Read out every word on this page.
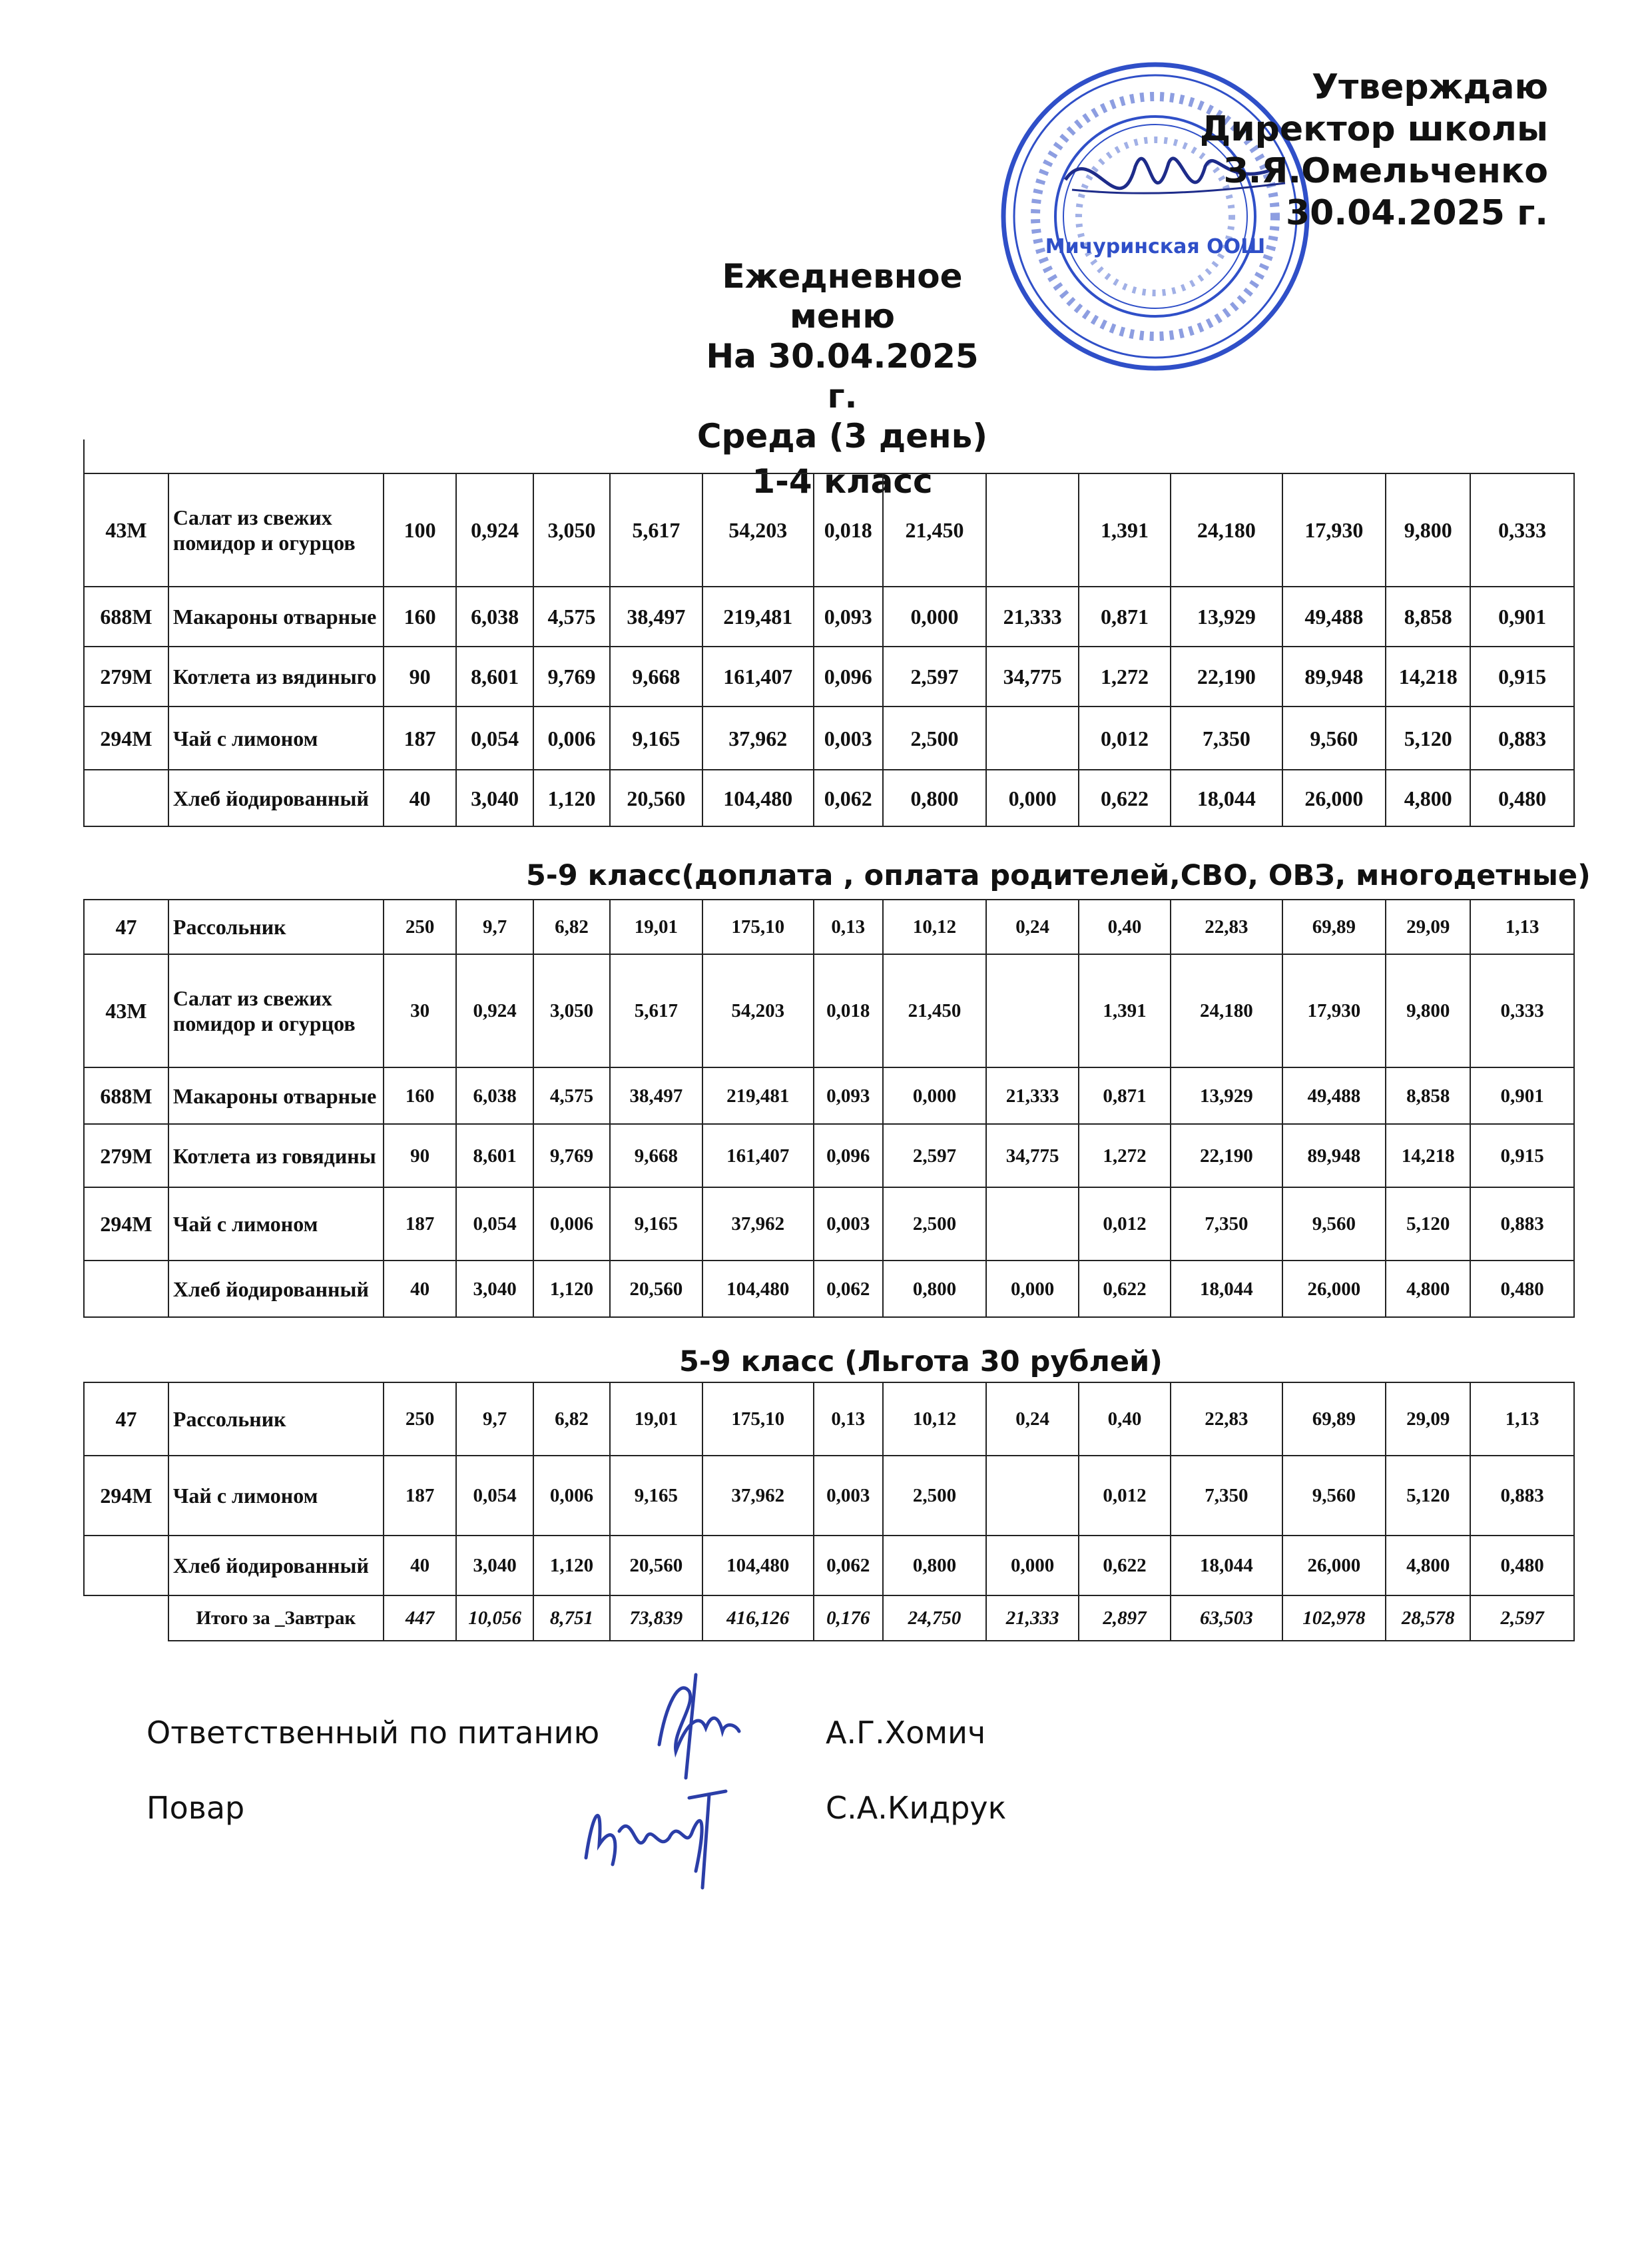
Мичуринская ООШ
Утверждаю
Директор школы
З.Я.Омельченко
30.04.2025 г.
Ежедневное меню
На 30.04.2025 г.
Среда (3 день)
1-4 класс
43М	Салат из свежих помидор и огурцов	100	0,924	3,050	5,617	54,203	0,018	21,450		1,391	24,180	17,930	9,800	0,333
688М	Макароны отварные	160	6,038	4,575	38,497	219,481	0,093	0,000	21,333	0,871	13,929	49,488	8,858	0,901
279М	Котлета из вядиныго	90	8,601	9,769	9,668	161,407	0,096	2,597	34,775	1,272	22,190	89,948	14,218	0,915
294М	Чай с лимоном	187	0,054	0,006	9,165	37,962	0,003	2,500		0,012	7,350	9,560	5,120	0,883
	Хлеб йодированный	40	3,040	1,120	20,560	104,480	0,062	0,800	0,000	0,622	18,044	26,000	4,800	0,480
5-9 класс(доплата , оплата родителей,СВО, ОВЗ, многодетные)
47	Рассольник	250	9,7	6,82	19,01	175,10	0,13	10,12	0,24	0,40	22,83	69,89	29,09	1,13
43М	Салат из свежих помидор и огурцов	30	0,924	3,050	5,617	54,203	0,018	21,450		1,391	24,180	17,930	9,800	0,333
688М	Макароны отварные	160	6,038	4,575	38,497	219,481	0,093	0,000	21,333	0,871	13,929	49,488	8,858	0,901
279М	Котлета из говядины	90	8,601	9,769	9,668	161,407	0,096	2,597	34,775	1,272	22,190	89,948	14,218	0,915
294М	Чай с лимоном	187	0,054	0,006	9,165	37,962	0,003	2,500		0,012	7,350	9,560	5,120	0,883
	Хлеб йодированный	40	3,040	1,120	20,560	104,480	0,062	0,800	0,000	0,622	18,044	26,000	4,800	0,480
5-9 класс (Льгота 30 рублей)
47	Рассольник	250	9,7	6,82	19,01	175,10	0,13	10,12	0,24	0,40	22,83	69,89	29,09	1,13
294М	Чай с лимоном	187	0,054	0,006	9,165	37,962	0,003	2,500		0,012	7,350	9,560	5,120	0,883
	Хлеб йодированный	40	3,040	1,120	20,560	104,480	0,062	0,800	0,000	0,622	18,044	26,000	4,800	0,480
	Итого за _Завтрак	447	10,056	8,751	73,839	416,126	0,176	24,750	21,333	2,897	63,503	102,978	28,578	2,597
Ответственный по питанию	А.Г.Хомич
Повар	С.А.Кидрук
